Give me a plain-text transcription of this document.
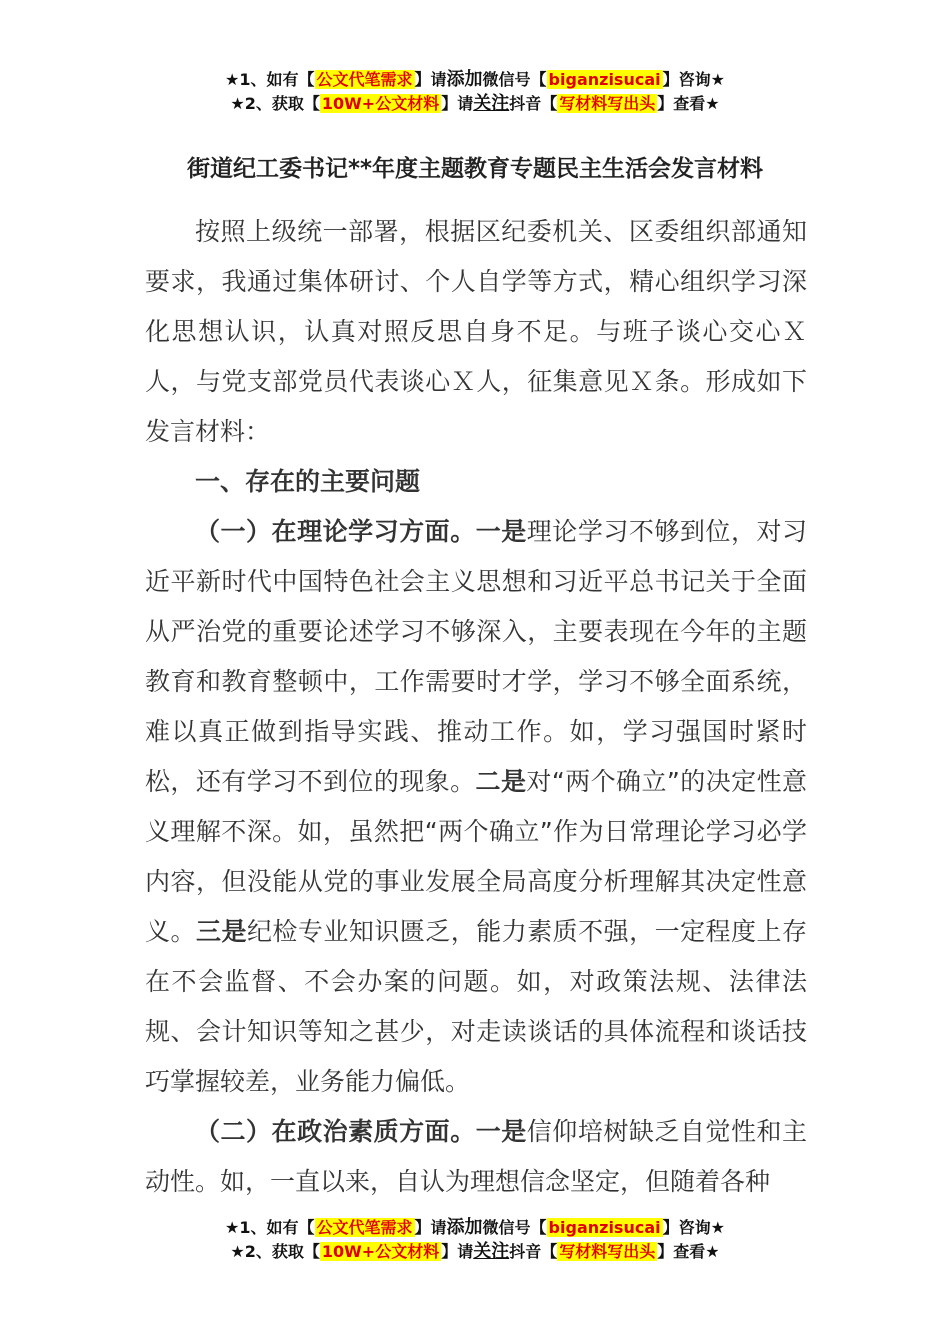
★1、如有【 公文代笔需求 】请添加微信号【 biganzisucai 】咨询★
★2、获取【 10W+公文材料 】请关注抖音【 写材料写出头 】查看★
街道纪工委书记**年度主题教育专题民主生活会发言材料

按照上级统一部署，根据区纪委机关、区委组织部通知要求，我通过集体研讨、个人自学等方式，精心组织学习深化思想认识，认真对照反思自身不足。与班子谈心交心Ｘ人，与党支部党员代表谈心Ｘ人，征集意见Ｘ条。形成如下发言材料：

一、存在的主要问题

（一）在理论学习方面。一是理论学习不够到位，对习近平新时代中国特色社会主义思想和习近平总书记关于全面从严治党的重要论述学习不够深入，主要表现在今年的主题教育和教育整顿中，工作需要时才学，学习不够全面系统，难以真正做到指导实践、推动工作。如，学习强国时紧时松，还有学习不到位的现象。二是对“两个确立”的决定性意义理解不深。如，虽然把“两个确立”作为日常理论学习必学内容，但没能从党的事业发展全局高度分析理解其决定性意义。三是纪检专业知识匮乏，能力素质不强，一定程度上存在不会监督、不会办案的问题。如，对政策法规、法律法规、会计知识等知之甚少，对走读谈话的具体流程和谈话技巧掌握较差，业务能力偏低。

（二）在政治素质方面。一是信仰培树缺乏自觉性和主动性。如，一直以来，自认为理想信念坚定，但随着各种

★1、如有【 公文代笔需求 】请添加微信号【 biganzisucai 】咨询★
★2、获取【 10W+公文材料 】请关注抖音【 写材料写出头 】查看★
